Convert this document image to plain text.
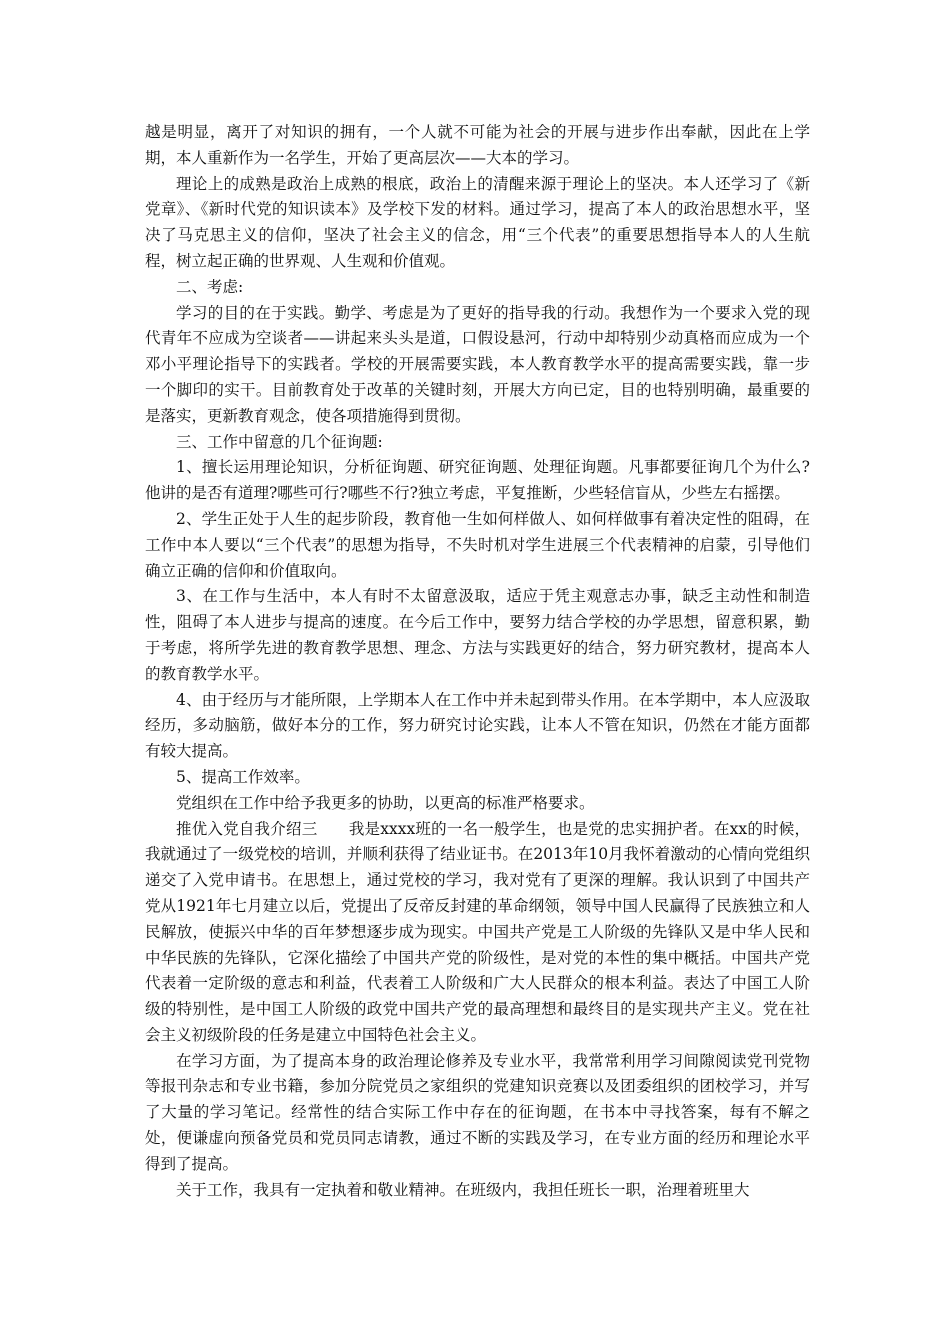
越是明显，离开了对知识的拥有，一个人就不可能为社会的开展与进步作出奉献，因此在上学期，本人重新作为一名学生，开始了更高层次——大本的学习。

理论上的成熟是政治上成熟的根底，政治上的清醒来源于理论上的坚决。本人还学习了《新党章》、《新时代党的知识读本》及学校下发的材料。通过学习，提高了本人的政治思想水平，坚决了马克思主义的信仰，坚决了社会主义的信念，用“三个代表”的重要思想指导本人的人生航程，树立起正确的世界观、人生观和价值观。

二、考虑:

学习的目的在于实践。勤学、考虑是为了更好的指导我的行动。我想作为一个要求入党的现代青年不应成为空谈者——讲起来头头是道，口假设悬河，行动中却特别少动真格而应成为一个邓小平理论指导下的实践者。学校的开展需要实践，本人教育教学水平的提高需要实践，靠一步一个脚印的实干。目前教育处于改革的关键时刻，开展大方向已定，目的也特别明确，最重要的是落实，更新教育观念，使各项措施得到贯彻。

三、工作中留意的几个征询题:

1、擅长运用理论知识，分析征询题、研究征询题、处理征询题。凡事都要征询几个为什么?他讲的是否有道理?哪些可行?哪些不行?独立考虑，平复推断，少些轻信盲从，少些左右摇摆。

2、学生正处于人生的起步阶段，教育他一生如何样做人、如何样做事有着决定性的阻碍，在工作中本人要以“三个代表”的思想为指导，不失时机对学生进展三个代表精神的启蒙，引导他们确立正确的信仰和价值取向。

3、在工作与生活中，本人有时不太留意汲取，适应于凭主观意志办事，缺乏主动性和制造性，阻碍了本人进步与提高的速度。在今后工作中，要努力结合学校的办学思想，留意积累，勤于考虑，将所学先进的教育教学思想、理念、方法与实践更好的结合，努力研究教材，提高本人的教育教学水平。

4、由于经历与才能所限，上学期本人在工作中并未起到带头作用。在本学期中，本人应汲取经历，多动脑筋，做好本分的工作，努力研究讨论实践，让本人不管在知识，仍然在才能方面都有较大提高。

5、提高工作效率。

党组织在工作中给予我更多的协助，以更高的标准严格要求。

推优入党自我介绍三　　我是xxxx班的一名一般学生，也是党的忠实拥护者。在xx的时候，我就通过了一级党校的培训，并顺利获得了结业证书。在2013年10月我怀着激动的心情向党组织递交了入党申请书。在思想上，通过党校的学习，我对党有了更深的理解。我认识到了中国共产党从1921年七月建立以后，党提出了反帝反封建的革命纲领，领导中国人民赢得了民族独立和人民解放，使振兴中华的百年梦想逐步成为现实。中国共产党是工人阶级的先锋队又是中华人民和中华民族的先锋队，它深化描绘了中国共产党的阶级性，是对党的本性的集中概括。中国共产党代表着一定阶级的意志和利益，代表着工人阶级和广大人民群众的根本利益。表达了中国工人阶级的特别性，是中国工人阶级的政党中国共产党的最高理想和最终目的是实现共产主义。党在社会主义初级阶段的任务是建立中国特色社会主义。

在学习方面，为了提高本身的政治理论修养及专业水平，我常常利用学习间隙阅读党刊党物等报刊杂志和专业书籍，参加分院党员之家组织的党建知识竞赛以及团委组织的团校学习，并写了大量的学习笔记。经常性的结合实际工作中存在的征询题，在书本中寻找答案，每有不解之处，便谦虚向预备党员和党员同志请教，通过不断的实践及学习，在专业方面的经历和理论水平得到了提高。

关于工作，我具有一定执着和敬业精神。在班级内，我担任班长一职，治理着班里大
